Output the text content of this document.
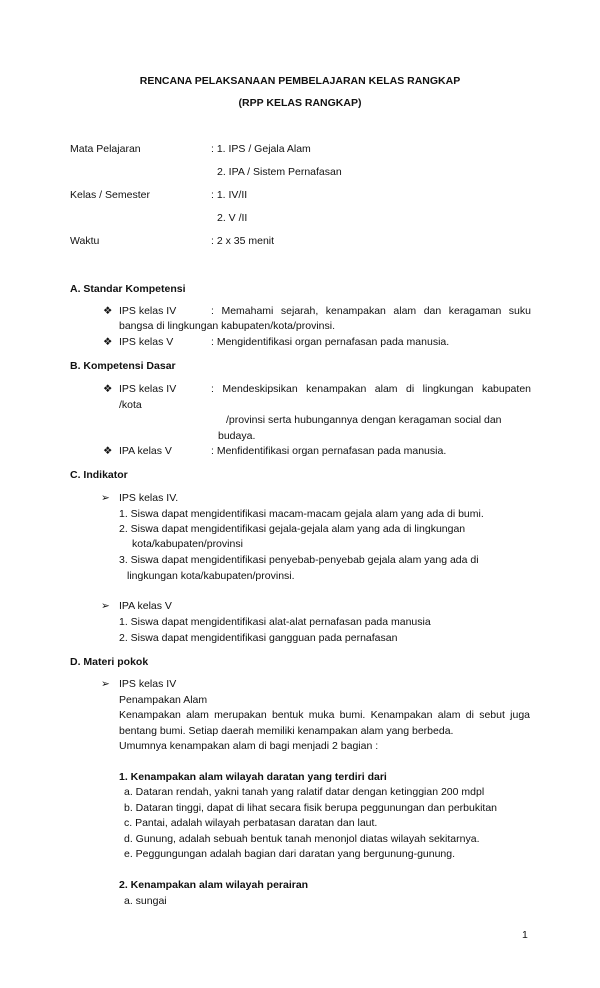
RENCANA PELAKSANAAN PEMBELAJARAN KELAS RANGKAP
(RPP KELAS RANGKAP)
Mata Pelajaran	: 1. IPS / Gejala Alam
2. IPA / Sistem Pernafasan
Kelas / Semester	: 1. IV/II
2. V /II
Waktu	: 2 x 35 menit
A. Standar Kompetensi
❖ IPS kelas IV	: Memahami sejarah, kenampakan alam dan keragaman suku
bangsa di lingkungan kabupaten/kota/provinsi.
❖ IPS kelas V	: Mengidentifikasi organ pernafasan pada manusia.
B. Kompetensi Dasar
❖ IPS kelas IV	: Mendeskipsikan kenampakan alam di lingkungan kabupaten
/kota
/provinsi serta hubungannya dengan keragaman social dan
budaya.
❖ IPA kelas V	: Menfidentifikasi organ pernafasan pada manusia.
C. Indikator
➢ IPS kelas IV.
1. Siswa dapat mengidentifikasi macam-macam gejala alam yang ada di bumi.
2. Siswa dapat mengidentifikasi gejala-gejala alam yang ada di lingkungan
kota/kabupaten/provinsi
3. Siswa dapat mengidentifikasi penyebab-penyebab gejala alam yang ada di
lingkungan kota/kabupaten/provinsi.
➢ IPA kelas V
1. Siswa dapat mengidentifikasi alat-alat pernafasan pada manusia
2. Siswa dapat mengidentifikasi gangguan pada pernafasan
D. Materi pokok
➢ IPS kelas IV
Penampakan Alam
Kenampakan alam merupakan bentuk muka bumi. Kenampakan alam di sebut juga
bentang bumi. Setiap daerah memiliki kenampakan alam yang berbeda.
Umumnya kenampakan alam di bagi menjadi 2 bagian :
1. Kenampakan alam wilayah daratan yang terdiri dari
a. Dataran rendah, yakni tanah yang ralatif datar dengan ketinggian 200 mdpl
b. Dataran tinggi, dapat di lihat secara fisik berupa peggunungan dan perbukitan
c. Pantai, adalah wilayah perbatasan daratan dan laut.
d. Gunung, adalah sebuah bentuk tanah menonjol diatas wilayah sekitarnya.
e. Peggungungan adalah bagian dari daratan yang bergunung-gunung.
2. Kenampakan alam wilayah perairan
a. sungai
1
